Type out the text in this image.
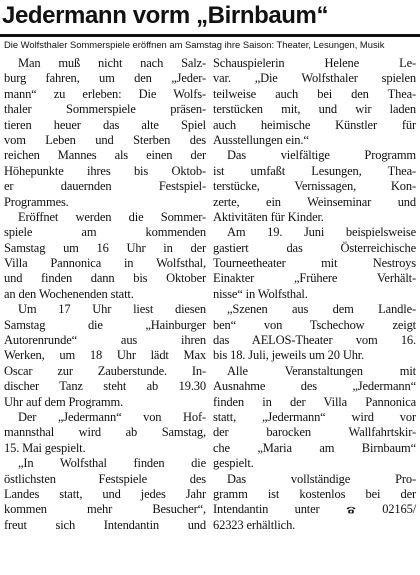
Jedermann vorm „Birnbaum“
Die Wolfsthaler Sommerspiele eröffnen am Samstag ihre Saison: Theater, Lesungen, Musik
Man muß nicht nach Salz-
burg fahren, um den „Jeder-
mann“ zu erleben: Die Wolfs-
thaler Sommerspiele präsen-
tieren heuer das alte Spiel
vom Leben und Sterben des
reichen Mannes als einen der
Höhepunkte ihres bis Oktob-
er dauernden Festspiel-
Programmes.
Eröffnet werden die Sommer-
spiele am kommenden
Samstag um 16 Uhr in der
Villa Pannonica in Wolfsthal,
und finden dann bis Oktober
an den Wochenenden statt.
Um 17 Uhr liest diesen
Samstag die „Hainburger
Autorenrunde“ aus ihren
Werken, um 18 Uhr lädt Max
Oscar zur Zauberstunde. In-
discher Tanz steht ab 19.30
Uhr auf dem Programm.
Der „Jedermann“ von Hof-
mannsthal wird ab Samstag,
15. Mai gespielt.
„In Wolfsthal finden die
östlichsten Festspiele des
Landes statt, und jedes Jahr
kommen mehr Besucher“,
freut sich Intendantin und
Schauspielerin Helene Le-
var. „Die Wolfsthaler spielen
teilweise auch bei den Thea-
terstücken mit, und wir laden
auch heimische Künstler für
Ausstellungen ein.“
Das vielfältige Programm
ist umfaßt Lesungen, Thea-
terstücke, Vernissagen, Kon-
zerte, ein Weinseminar und
Aktivitäten für Kinder.
Am 19. Juni beispielsweise
gastiert das Österreichische
Tourneetheater mit Nestroys
Einakter „Frühere Verhält-
nisse“ in Wolfsthal.
„Szenen aus dem Landle-
ben“ von Tschechow zeigt
das AELOS-Theater vom 16.
bis 18. Juli, jeweils um 20 Uhr.
Alle Veranstaltungen mit
Ausnahme des „Jedermann“
finden in der Villa Pannonica
statt, „Jedermann“ wird vor
der barocken Wallfahrtskir-
che „Maria am Birnbaum“
gespielt.
Das vollständige Pro-
gramm ist kostenlos bei der
Intendantin unter	02165/
62323 erhältlich.
